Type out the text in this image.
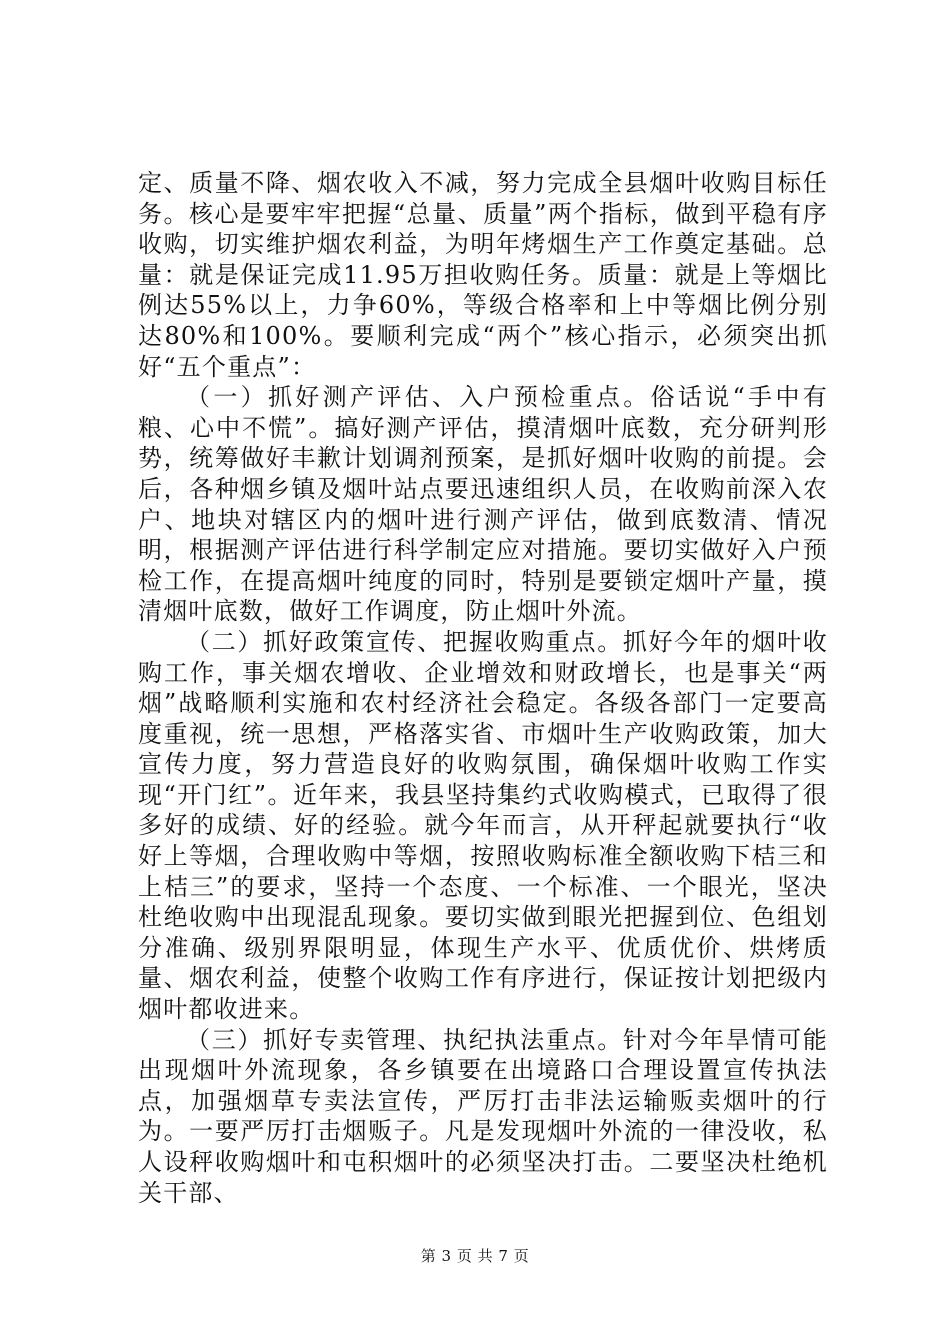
定、质量不降、烟农收入不减，努力完成全县烟叶收购目标任务。核心是要牢牢把握“总量、质量”两个指标，做到平稳有序收购，切实维护烟农利益，为明年烤烟生产工作奠定基础。总量：就是保证完成11.95万担收购任务。质量：就是上等烟比例达55%以上，力争60%，等级合格率和上中等烟比例分别达80%和100%。要顺利完成“两个”核心指示，必须突出抓好“五个重点”：

（一）抓好测产评估、入户预检重点。俗话说“手中有粮、心中不慌”。搞好测产评估，摸清烟叶底数，充分研判形势，统筹做好丰歉计划调剂预案，是抓好烟叶收购的前提。会后，各种烟乡镇及烟叶站点要迅速组织人员，在收购前深入农户、地块对辖区内的烟叶进行测产评估，做到底数清、情况明，根据测产评估进行科学制定应对措施。要切实做好入户预检工作，在提高烟叶纯度的同时，特别是要锁定烟叶产量，摸清烟叶底数，做好工作调度，防止烟叶外流。

（二）抓好政策宣传、把握收购重点。抓好今年的烟叶收购工作，事关烟农增收、企业增效和财政增长，也是事关“两烟”战略顺利实施和农村经济社会稳定。各级各部门一定要高度重视，统一思想，严格落实省、市烟叶生产收购政策，加大宣传力度，努力营造良好的收购氛围，确保烟叶收购工作实现“开门红”。近年来，我县坚持集约式收购模式，已取得了很多好的成绩、好的经验。就今年而言，从开秤起就要执行“收好上等烟，合理收购中等烟，按照收购标准全额收购下桔三和上桔三”的要求，坚持一个态度、一个标准、一个眼光，坚决杜绝收购中出现混乱现象。要切实做到眼光把握到位、色组划分准确、级别界限明显，体现生产水平、优质优价、烘烤质量、烟农利益，使整个收购工作有序进行，保证按计划把级内烟叶都收进来。

（三）抓好专卖管理、执纪执法重点。针对今年旱情可能出现烟叶外流现象，各乡镇要在出境路口合理设置宣传执法点，加强烟草专卖法宣传，严厉打击非法运输贩卖烟叶的行为。一要严厉打击烟贩子。凡是发现烟叶外流的一律没收，私人设秤收购烟叶和屯积烟叶的必须坚决打击。二要坚决杜绝机关干部、

第 3 页 共 7 页
